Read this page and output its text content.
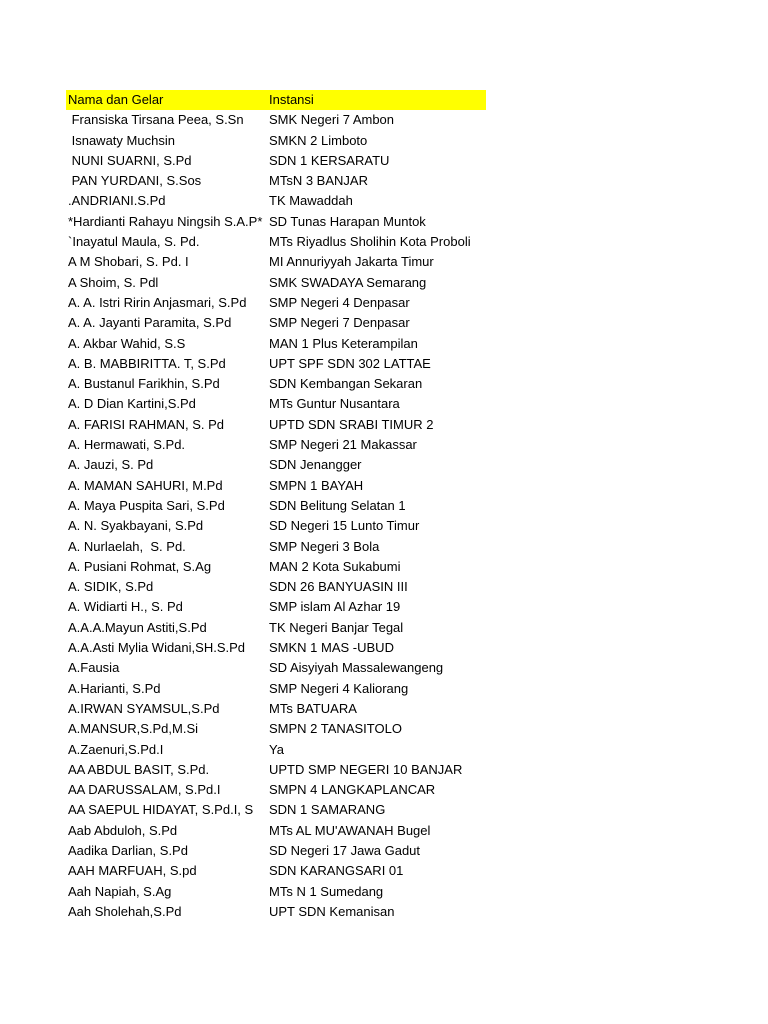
Nama dan Gelar	Instansi
Fransiska Tirsana Peea, S.Sn	SMK Negeri 7 Ambon
Isnawaty Muchsin	SMKN 2 Limboto
NUNI SUARNI, S.Pd	SDN 1 KERSARATU
PAN YURDANI, S.Sos	MTsN 3 BANJAR
.ANDRIANI.S.Pd	TK Mawaddah
*Hardianti Rahayu Ningsih S.A.P* SD Tunas Harapan Muntok
`Inayatul Maula, S. Pd.	MTs Riyadlus Sholihin Kota Proboli
A M Shobari, S. Pd. I	MI Annuriyyah Jakarta Timur
A Shoim, S. Pdl	SMK SWADAYA Semarang
A. A. Istri Ririn Anjasmari, S.Pd	SMP Negeri 4 Denpasar
A. A. Jayanti Paramita, S.Pd	SMP Negeri 7 Denpasar
A. Akbar Wahid, S.S	MAN 1 Plus Keterampilan
A. B. MABBIRITTA. T, S.Pd	UPT SPF SDN 302 LATTAE
A. Bustanul Farikhin, S.Pd	SDN Kembangan Sekaran
A. D Dian Kartini,S.Pd	MTs Guntur Nusantara
A. FARISI RAHMAN, S. Pd	UPTD SDN SRABI TIMUR 2
A. Hermawati, S.Pd.	SMP Negeri 21 Makassar
A. Jauzi, S. Pd	SDN Jenangger
A. MAMAN SAHURI, M.Pd	SMPN 1 BAYAH
A. Maya Puspita Sari, S.Pd	SDN Belitung Selatan 1
A. N. Syakbayani, S.Pd	SD Negeri 15 Lunto Timur
A. Nurlaelah,  S. Pd.	SMP Negeri 3 Bola
A. Pusiani Rohmat, S.Ag	MAN 2 Kota Sukabumi
A. SIDIK, S.Pd	SDN 26 BANYUASIN III
A. Widiarti H., S. Pd	SMP islam Al Azhar 19
A.A.A.Mayun Astiti,S.Pd	TK Negeri Banjar Tegal
A.A.Asti Mylia Widani,SH.S.Pd	SMKN 1 MAS -UBUD
A.Fausia	SD Aisyiyah Massalewangeng
A.Harianti, S.Pd	SMP Negeri 4 Kaliorang
A.IRWAN SYAMSUL,S.Pd	MTs BATUARA
A.MANSUR,S.Pd,M.Si	SMPN 2 TANASITOLO
A.Zaenuri,S.Pd.I	Ya
AA ABDUL BASIT, S.Pd.	UPTD SMP NEGERI 10 BANJAR
AA DARUSSALAM, S.Pd.I	SMPN 4 LANGKAPLANCAR
AA SAEPUL HIDAYAT, S.Pd.I, S	SDN 1 SAMARANG
Aab Abduloh, S.Pd	MTs AL MU'AWANAH Bugel
Aadika Darlian, S.Pd	SD Negeri 17 Jawa Gadut
AAH MARFUAH, S.pd	SDN KARANGSARI 01
Aah Napiah, S.Ag	MTs N 1 Sumedang
Aah Sholehah,S.Pd	UPT SDN Kemanisan
